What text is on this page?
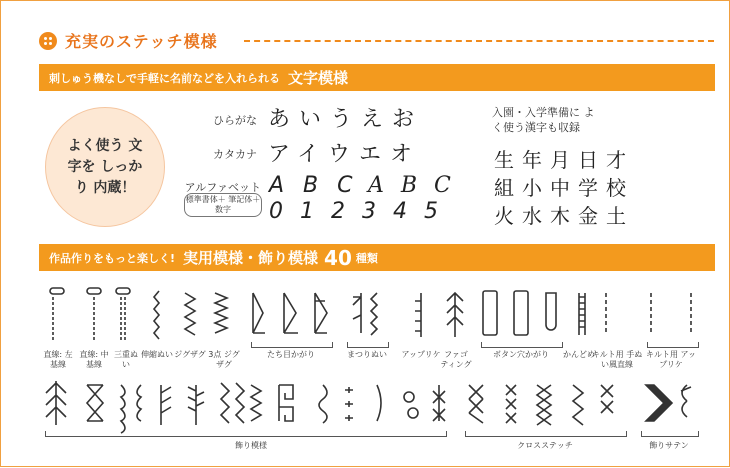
充実のステッチ模様
刺しゅう機なしで手軽に名前などを入れられる 文字模様
よく使う 文字を しっかり 内蔵！
ひらがな あいうえお
カタカナ アイウエオ
アルファベット
標準書体＋ 筆記体＋数字
A B C A B C
0 1 2 3 4 5
入園・入学準備に よく使う漢字も収録
生年月日才
組小中学校
火水木金土
作品作りをもっと楽しく! 実用模様・飾り模様 40 種類
直線: 左基線
直線: 中基線
三重ぬい
伸縮ぬい ジグザグ 3点 ジグザグ
たち目かがり	まつりぬい	アップリケ ファゴ ティング
ボタン穴かがり	かんどめ
キルト用 手ぬい風直線
キルト用 アップリケ
飾り模様	クロスステッチ	飾りサテン
